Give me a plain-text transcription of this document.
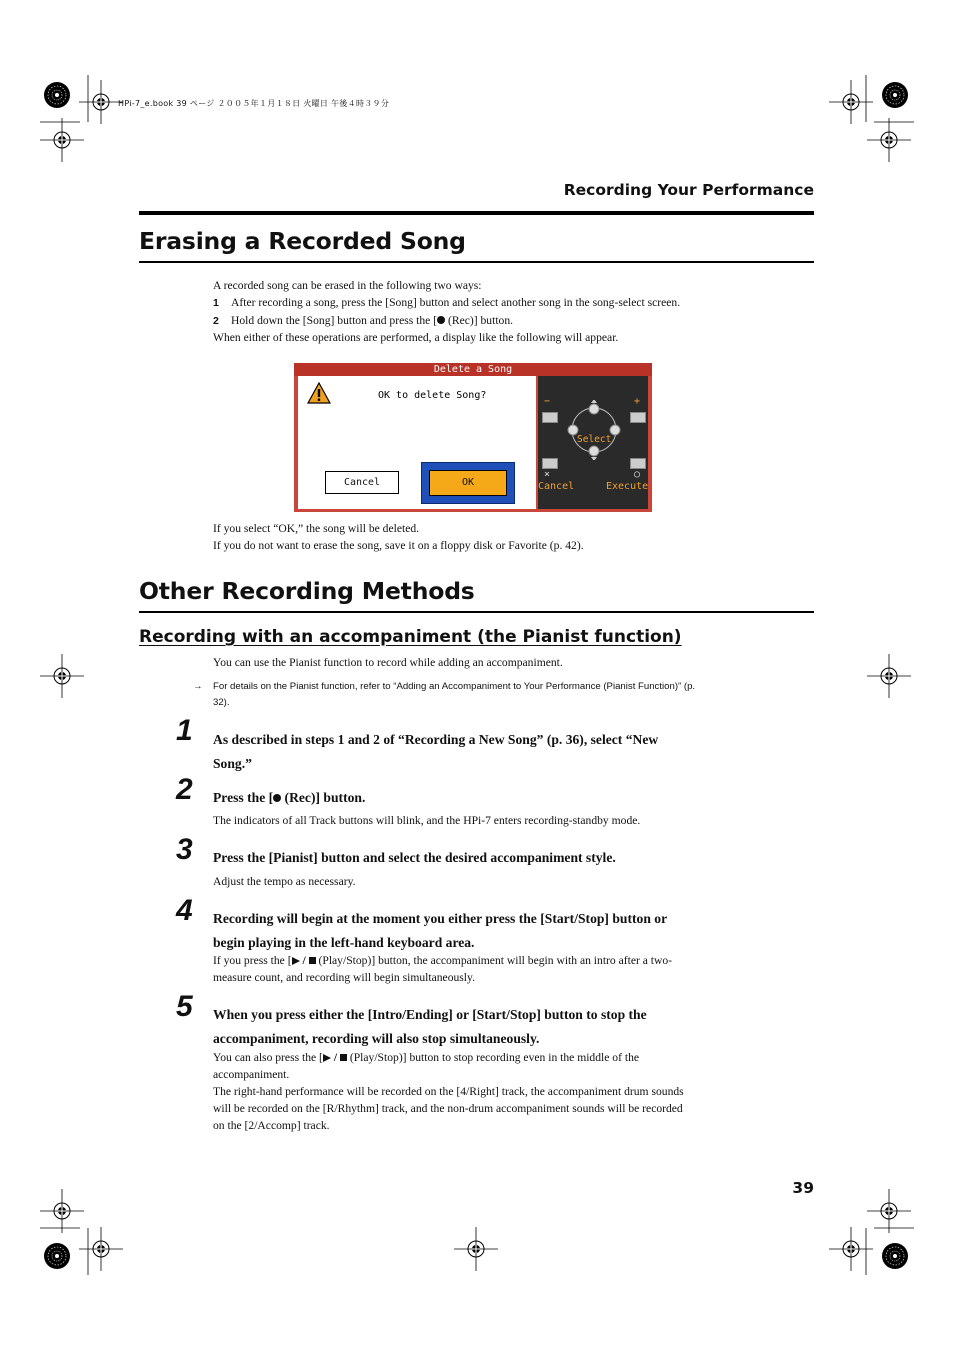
HPi-7_e.book 39 ページ ２００５年１月１８日 火曜日 午後４時３９分
Recording Your Performance
Erasing a Recorded Song
A recorded song can be erased in the following two ways:
1 After recording a song, press the [Song] button and select another song in the song-select screen.
2 Hold down the [Song] button and press the [ (Rec)] button.
When either of these operations are performed, a display like the following will appear.
Delete a Song
OK to delete Song?
Cancel	OK
−	+
Select
×	○
Cancel	Execute
If you select “OK,” the song will be deleted.
If you do not want to erase the song, save it on a floppy disk or Favorite (p. 42).
Other Recording Methods
Recording with an accompaniment (the Pianist function)
You can use the Pianist function to record while adding an accompaniment.
→ For details on the Pianist function, refer to “Adding an Accompaniment to Your Performance (Pianist Function)” (p.
32).
1 As described in steps 1 and 2 of “Recording a New Song” (p. 36), select “New
Song.”
2 Press the [ (Rec)] button.
The indicators of all Track buttons will blink, and the HPi-7 enters recording-standby mode.
3 Press the [Pianist] button and select the desired accompaniment style.
Adjust the tempo as necessary.
4 Recording will begin at the moment you either press the [Start/Stop] button or
begin playing in the left-hand keyboard area.
If you press the [ /  (Play/Stop)] button, the accompaniment will begin with an intro after a two-
measure count, and recording will begin simultaneously.
5 When you press either the [Intro/Ending] or [Start/Stop] button to stop the
accompaniment, recording will also stop simultaneously.
You can also press the [ /  (Play/Stop)] button to stop recording even in the middle of the
accompaniment.
The right-hand performance will be recorded on the [4/Right] track, the accompaniment drum sounds
will be recorded on the [R/Rhythm] track, and the non-drum accompaniment sounds will be recorded
on the [2/Accomp] track.
39
